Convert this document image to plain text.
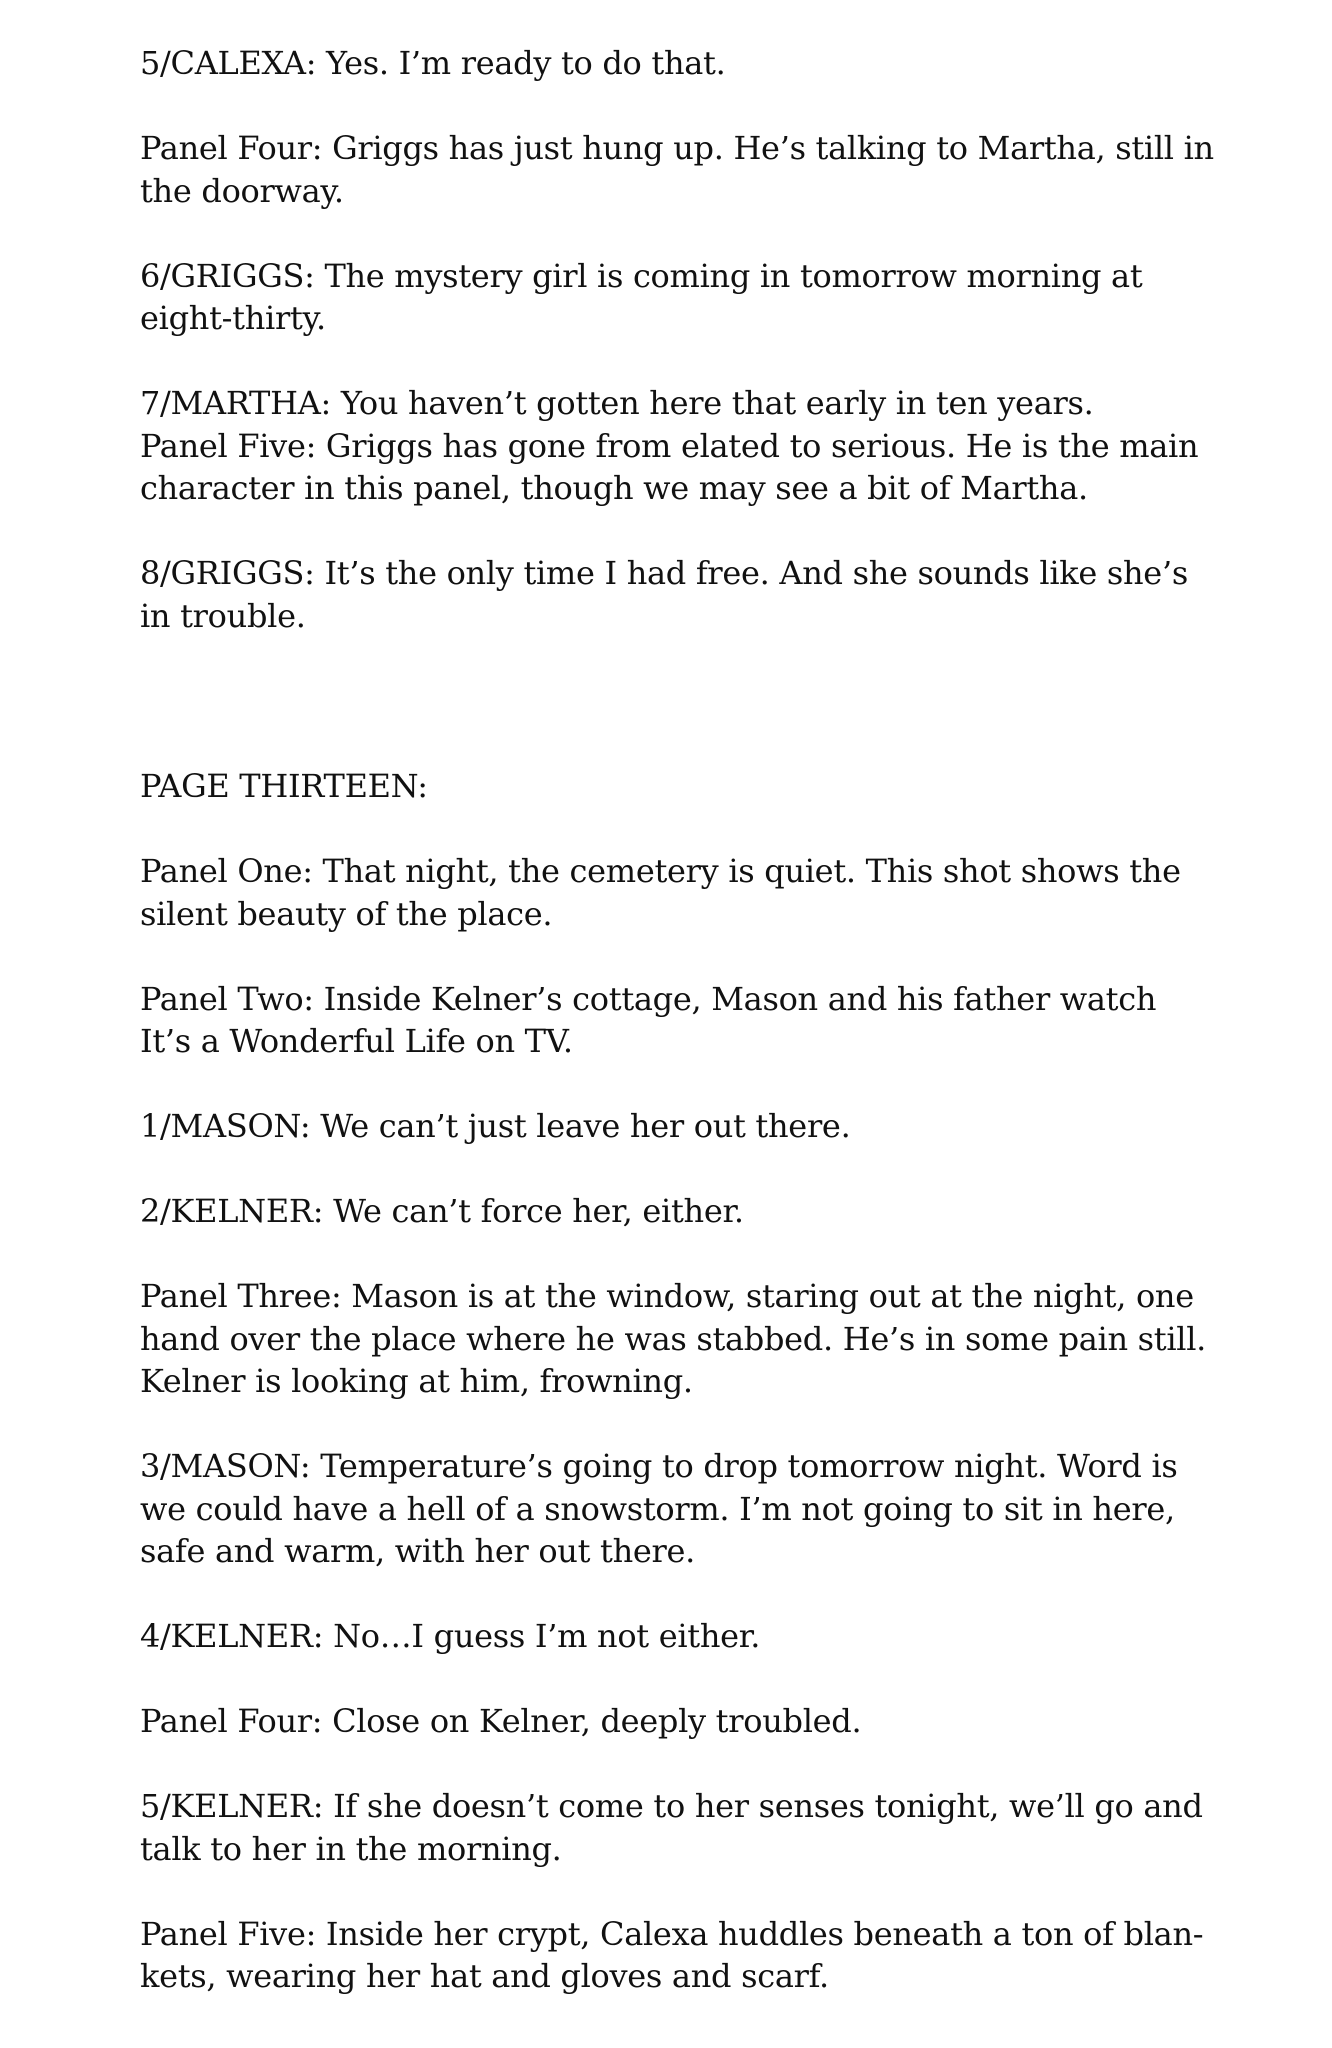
5/CALEXA: Yes. I’m ready to do that.
Panel Four: Griggs has just hung up. He’s talking to Martha, still in
the doorway.
6/GRIGGS: The mystery girl is coming in tomorrow morning at
eight-thirty.
7/MARTHA: You haven’t gotten here that early in ten years.
Panel Five: Griggs has gone from elated to serious. He is the main
character in this panel, though we may see a bit of Martha.
8/GRIGGS: It’s the only time I had free. And she sounds like she’s
in trouble.
PAGE THIRTEEN:
Panel One: That night, the cemetery is quiet. This shot shows the
silent beauty of the place.
Panel Two: Inside Kelner’s cottage, Mason and his father watch
It’s a Wonderful Life on TV.
1/MASON: We can’t just leave her out there.
2/KELNER: We can’t force her, either.
Panel Three: Mason is at the window, staring out at the night, one
hand over the place where he was stabbed. He’s in some pain still.
Kelner is looking at him, frowning.
3/MASON: Temperature’s going to drop tomorrow night. Word is
we could have a hell of a snowstorm. I’m not going to sit in here,
safe and warm, with her out there.
4/KELNER: No…I guess I’m not either.
Panel Four: Close on Kelner, deeply troubled.
5/KELNER: If she doesn’t come to her senses tonight, we’ll go and
talk to her in the morning.
Panel Five: Inside her crypt, Calexa huddles beneath a ton of blan-
kets, wearing her hat and gloves and scarf.
